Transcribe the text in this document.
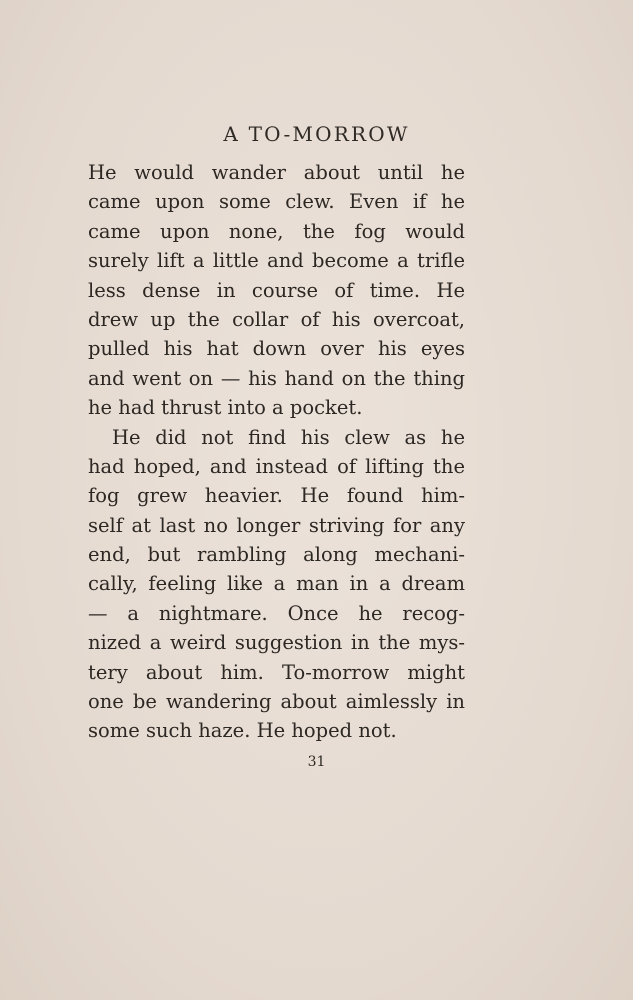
A TO-MORROW
He would wander about until he
came upon some clew. Even if he
came upon none, the fog would
surely lift a little and become a trifle
less dense in course of time. He
drew up the collar of his overcoat,
pulled his hat down over his eyes
and went on — his hand on the thing
he had thrust into a pocket.
He did not find his clew as he
had hoped, and instead of lifting the
fog grew heavier. He found him-
self at last no longer striving for any
end, but rambling along mechani-
cally, feeling like a man in a dream
— a nightmare. Once he recog-
nized a weird suggestion in the mys-
tery about him. To-morrow might
one be wandering about aimlessly in
some such haze. He hoped not.
31
